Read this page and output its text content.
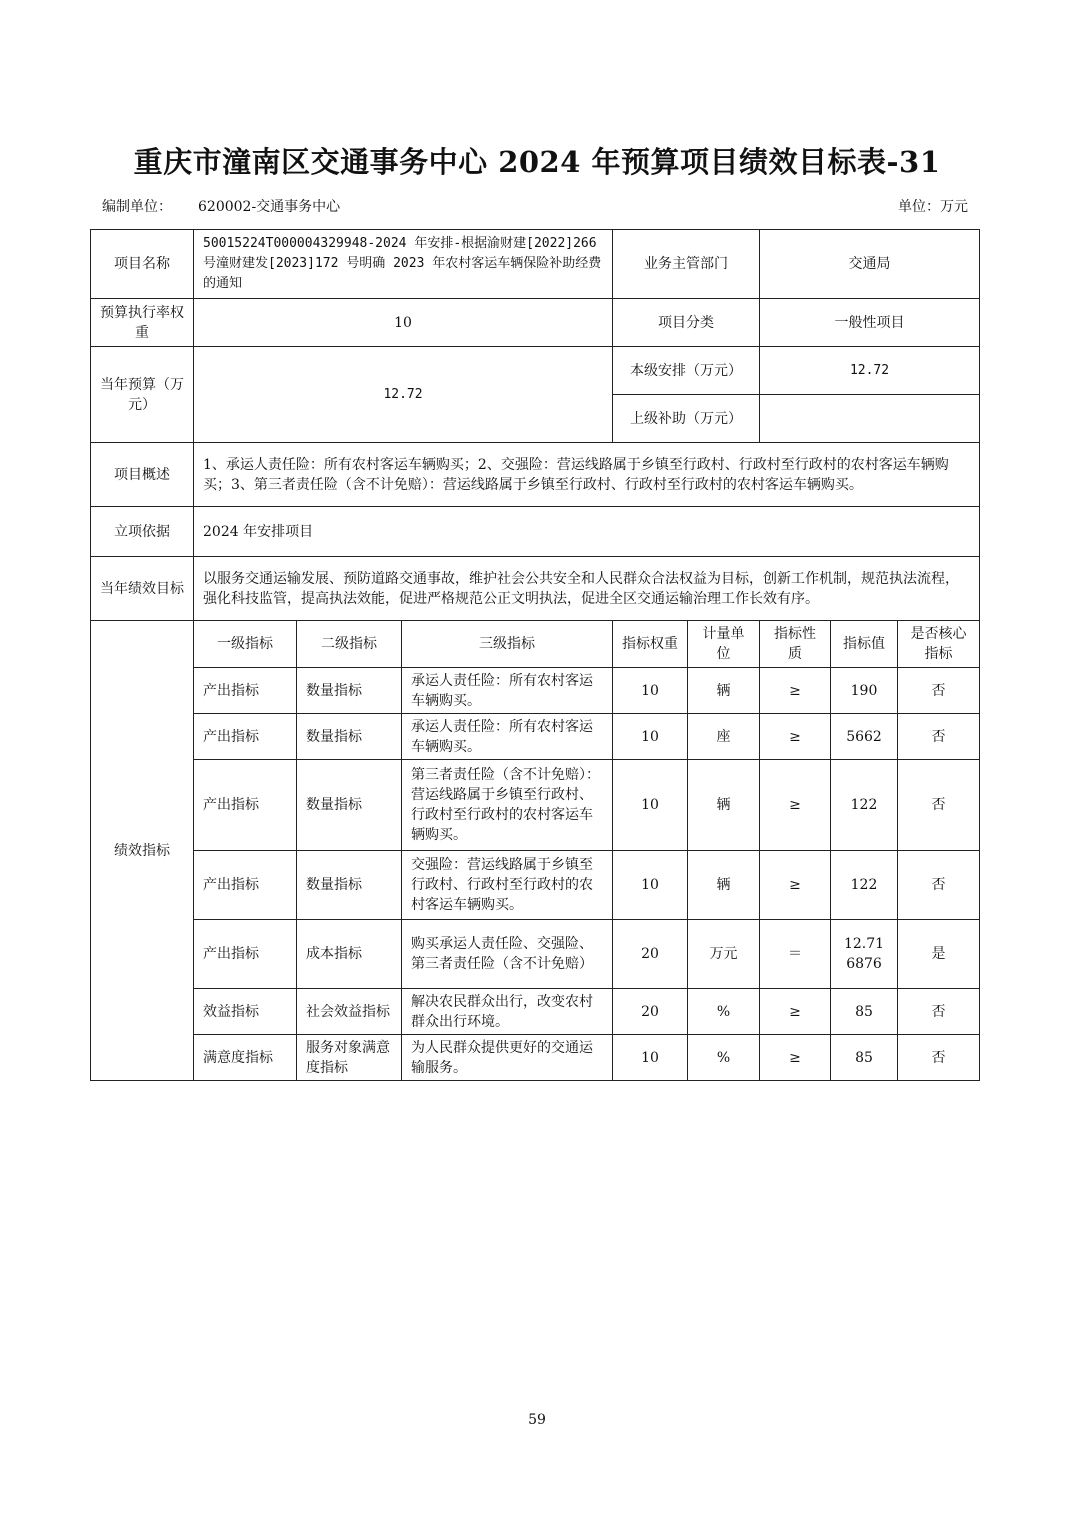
重庆市潼南区交通事务中心 2024 年预算项目绩效目标表-31
编制单位： 620002-交通事务中心	单位：万元
项目名称	50015224T000004329948-2024 年安排-根据渝财建[2022]266 号潼财建发[2023]172 号明确 2023 年农村客运车辆保险补助经费的通知			业务主管部门		交通局		
预算执行率权重	10			项目分类		一般性项目		
当年预算（万元）	12.72			本级安排（万元）		12.72		
				上级补助（万元）				
项目概述	1、承运人责任险：所有农村客运车辆购买；2、交强险：营运线路属于乡镇至行政村、行政村至行政村的农村客运车辆购买；3、第三者责任险（含不计免赔）：营运线路属于乡镇至行政村、行政村至行政村的农村客运车辆购买。							
立项依据	2024 年安排项目							
当年绩效目标	以服务交通运输发展、预防道路交通事故，维护社会公共安全和人民群众合法权益为目标，创新工作机制，规范执法流程，强化科技监管，提高执法效能，促进严格规范公正文明执法，促进全区交通运输治理工作长效有序。							
绩效指标	一级指标	二级指标	三级指标	指标权重	计量单位	指标性质	指标值	是否核心指标
	产出指标	数量指标	承运人责任险：所有农村客运车辆购买。	10	辆	≥	190	否
	产出指标	数量指标	承运人责任险：所有农村客运车辆购买。	10	座	≥	5662	否
	产出指标	数量指标	第三者责任险（含不计免赔）：营运线路属于乡镇至行政村、行政村至行政村的农村客运车辆购买。	10	辆	≥	122	否
	产出指标	数量指标	交强险：营运线路属于乡镇至行政村、行政村至行政村的农村客运车辆购买。	10	辆	≥	122	否
	产出指标	成本指标	购买承运人责任险、交强险、第三者责任险（含不计免赔）	20	万元	＝	12.716876	是
	效益指标	社会效益指标	解决农民群众出行，改变农村群众出行环境。	20	%	≥	85	否
	满意度指标	服务对象满意度指标	为人民群众提供更好的交通运输服务。	10	%	≥	85	否
59
